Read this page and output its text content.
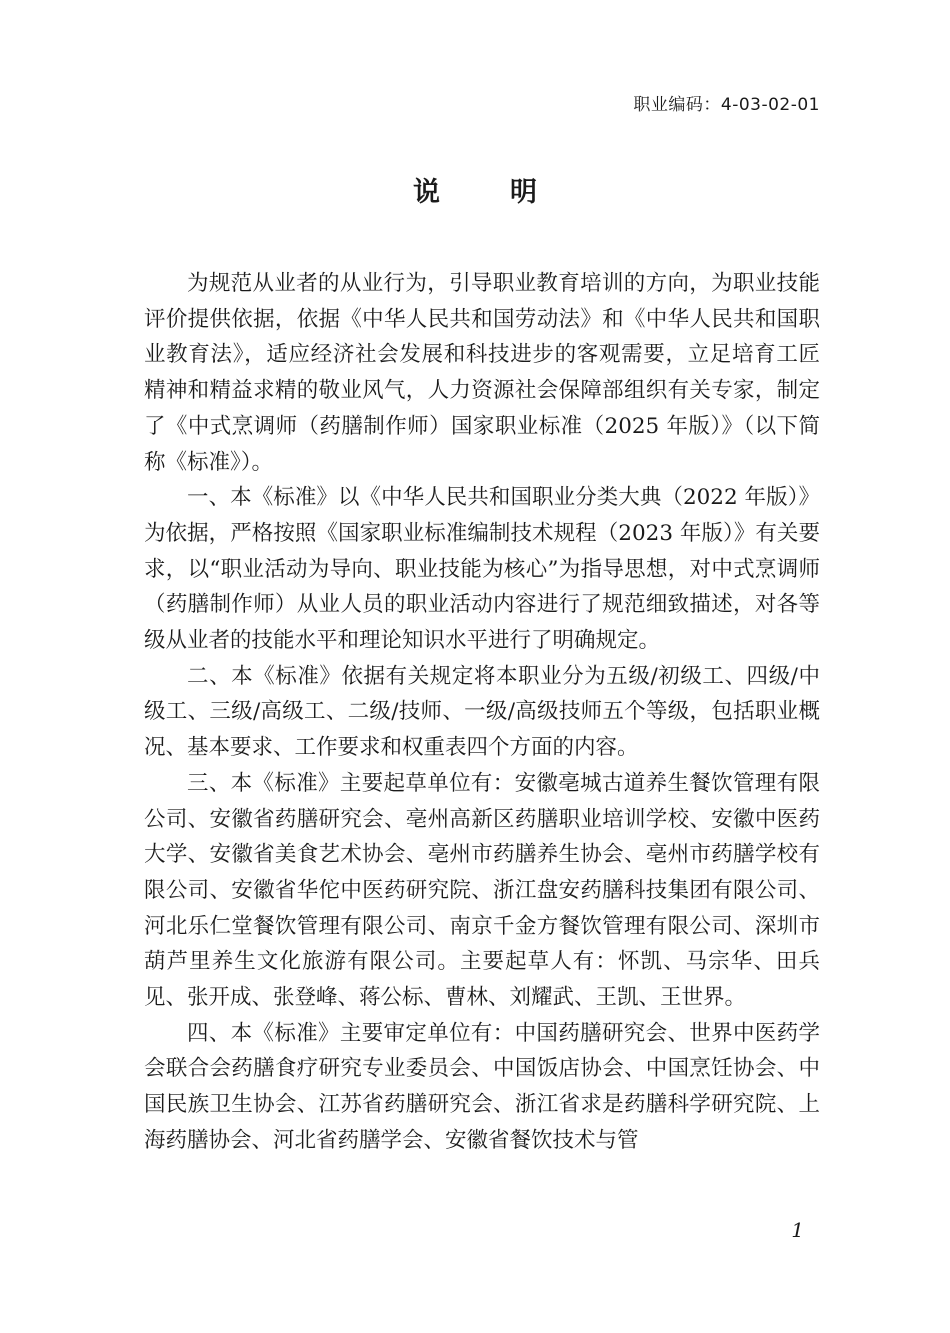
职业编码：4-03-02-01
说明

为规范从业者的从业行为，引导职业教育培训的方向，为职业技能评价提供依据，依据《中华人民共和国劳动法》和《中华人民共和国职业教育法》，适应经济社会发展和科技进步的客观需要，立足培育工匠精神和精益求精的敬业风气，人力资源社会保障部组织有关专家，制定了《中式烹调师（药膳制作师）国家职业标准（2025 年版）》（以下简称《标准》）。

一、本《标准》以《中华人民共和国职业分类大典（2022 年版）》为依据，严格按照《国家职业标准编制技术规程（2023 年版）》有关要求，以“职业活动为导向、职业技能为核心”为指导思想，对中式烹调师（药膳制作师）从业人员的职业活动内容进行了规范细致描述，对各等级从业者的技能水平和理论知识水平进行了明确规定。

二、本《标准》依据有关规定将本职业分为五级/初级工、四级/中级工、三级/高级工、二级/技师、一级/高级技师五个等级，包括职业概况、基本要求、工作要求和权重表四个方面的内容。

三、本《标准》主要起草单位有：安徽亳城古道养生餐饮管理有限公司、安徽省药膳研究会、亳州高新区药膳职业培训学校、安徽中医药大学、安徽省美食艺术协会、亳州市药膳养生协会、亳州市药膳学校有限公司、安徽省华佗中医药研究院、浙江盘安药膳科技集团有限公司、河北乐仁堂餐饮管理有限公司、南京千金方餐饮管理有限公司、深圳市葫芦里养生文化旅游有限公司。主要起草人有：怀凯、马宗华、田兵见、张开成、张登峰、蒋公标、曹林、刘耀武、王凯、王世界。

四、本《标准》主要审定单位有：中国药膳研究会、世界中医药学会联合会药膳食疗研究专业委员会、中国饭店协会、中国烹饪协会、中国民族卫生协会、江苏省药膳研究会、浙江省求是药膳科学研究院、上海药膳协会、河北省药膳学会、安徽省餐饮技术与管

1
